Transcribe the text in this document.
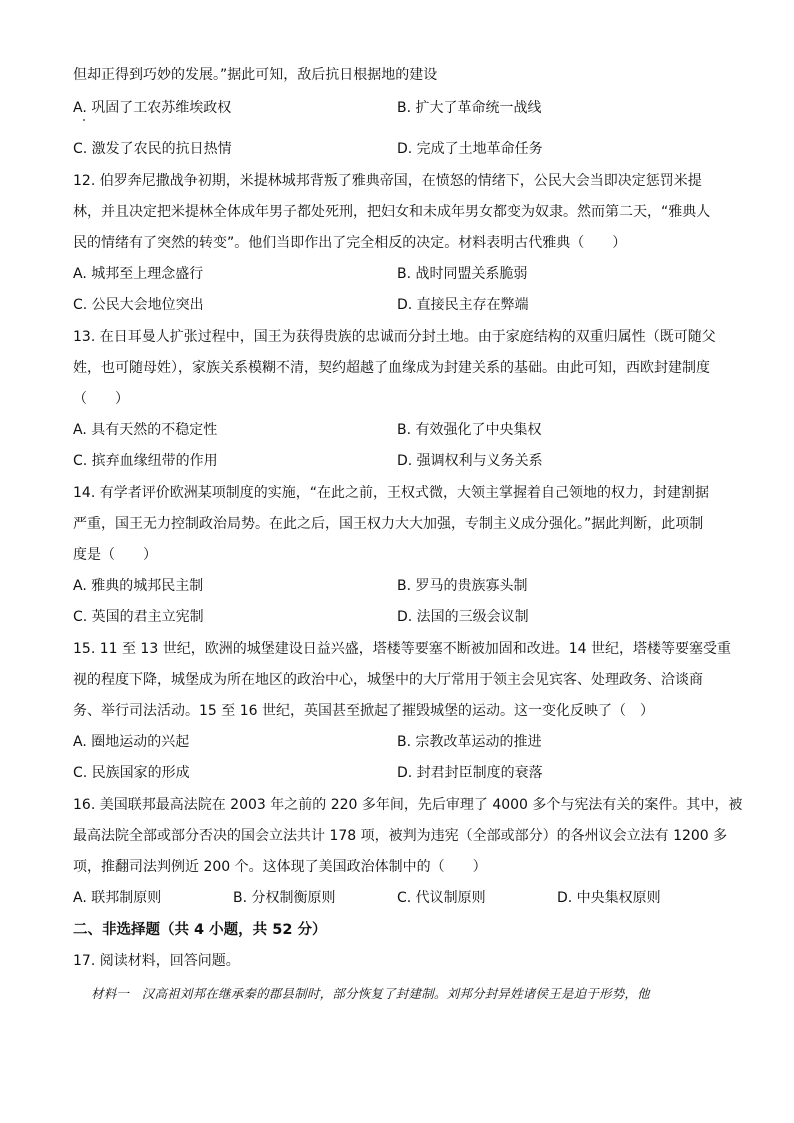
但却正得到巧妙的发展。”据此可知，敌后抗日根据地的建设
A. 巩固了工农苏维埃政权	B. 扩大了革命统一战线
C. 激发了农民的抗日热情	D. 完成了土地革命任务
12. 伯罗奔尼撒战争初期，米提林城邦背叛了雅典帝国，在愤怒的情绪下，公民大会当即决定惩罚米提
林，并且决定把米提林全体成年男子都处死刑，把妇女和未成年男女都变为奴隶。然而第二天，“雅典人
民的情绪有了突然的转变”。他们当即作出了完全相反的决定。材料表明古代雅典（　　）
A. 城邦至上理念盛行	B. 战时同盟关系脆弱
C. 公民大会地位突出	D. 直接民主存在弊端
13. 在日耳曼人扩张过程中，国王为获得贵族的忠诚而分封土地。由于家庭结构的双重归属性（既可随父
姓，也可随母姓），家族关系模糊不清，契约超越了血缘成为封建关系的基础。由此可知，西欧封建制度
（　　）
A. 具有天然的不稳定性	B. 有效强化了中央集权
C. 摈弃血缘纽带的作用	D. 强调权利与义务关系
14. 有学者评价欧洲某项制度的实施，“在此之前，王权式微，大领主掌握着自己领地的权力，封建割据
严重，国王无力控制政治局势。在此之后，国王权力大大加强，专制主义成分强化。”据此判断，此项制
度是（　　）
A. 雅典的城邦民主制	B. 罗马的贵族寡头制
C. 英国的君主立宪制	D. 法国的三级会议制
15. 11 至 13 世纪，欧洲的城堡建设日益兴盛，塔楼等要塞不断被加固和改进。14 世纪，塔楼等要塞受重
视的程度下降，城堡成为所在地区的政治中心，城堡中的大厅常用于领主会见宾客、处理政务、洽谈商
务、举行司法活动。15 至 16 世纪，英国甚至掀起了摧毁城堡的运动。这一变化反映了（　）
A. 圈地运动的兴起	B. 宗教改革运动的推进
C. 民族国家的形成	D. 封君封臣制度的衰落
16. 美国联邦最高法院在 2003 年之前的 220 多年间，先后审理了 4000 多个与宪法有关的案件。其中，被
最高法院全部或部分否决的国会立法共计 178 项，被判为违宪（全部或部分）的各州议会立法有 1200 多
项，推翻司法判例近 200 个。这体现了美国政治体制中的（　　）
A. 联邦制原则	B. 分权制衡原则	C. 代议制原则	D. 中央集权原则
二、非选择题（共 4 小题，共 52 分）
17. 阅读材料，回答问题。
材料一　汉高祖刘邦在继承秦的郡县制时，部分恢复了封建制。刘邦分封异姓诸侯王是迫于形势，他
